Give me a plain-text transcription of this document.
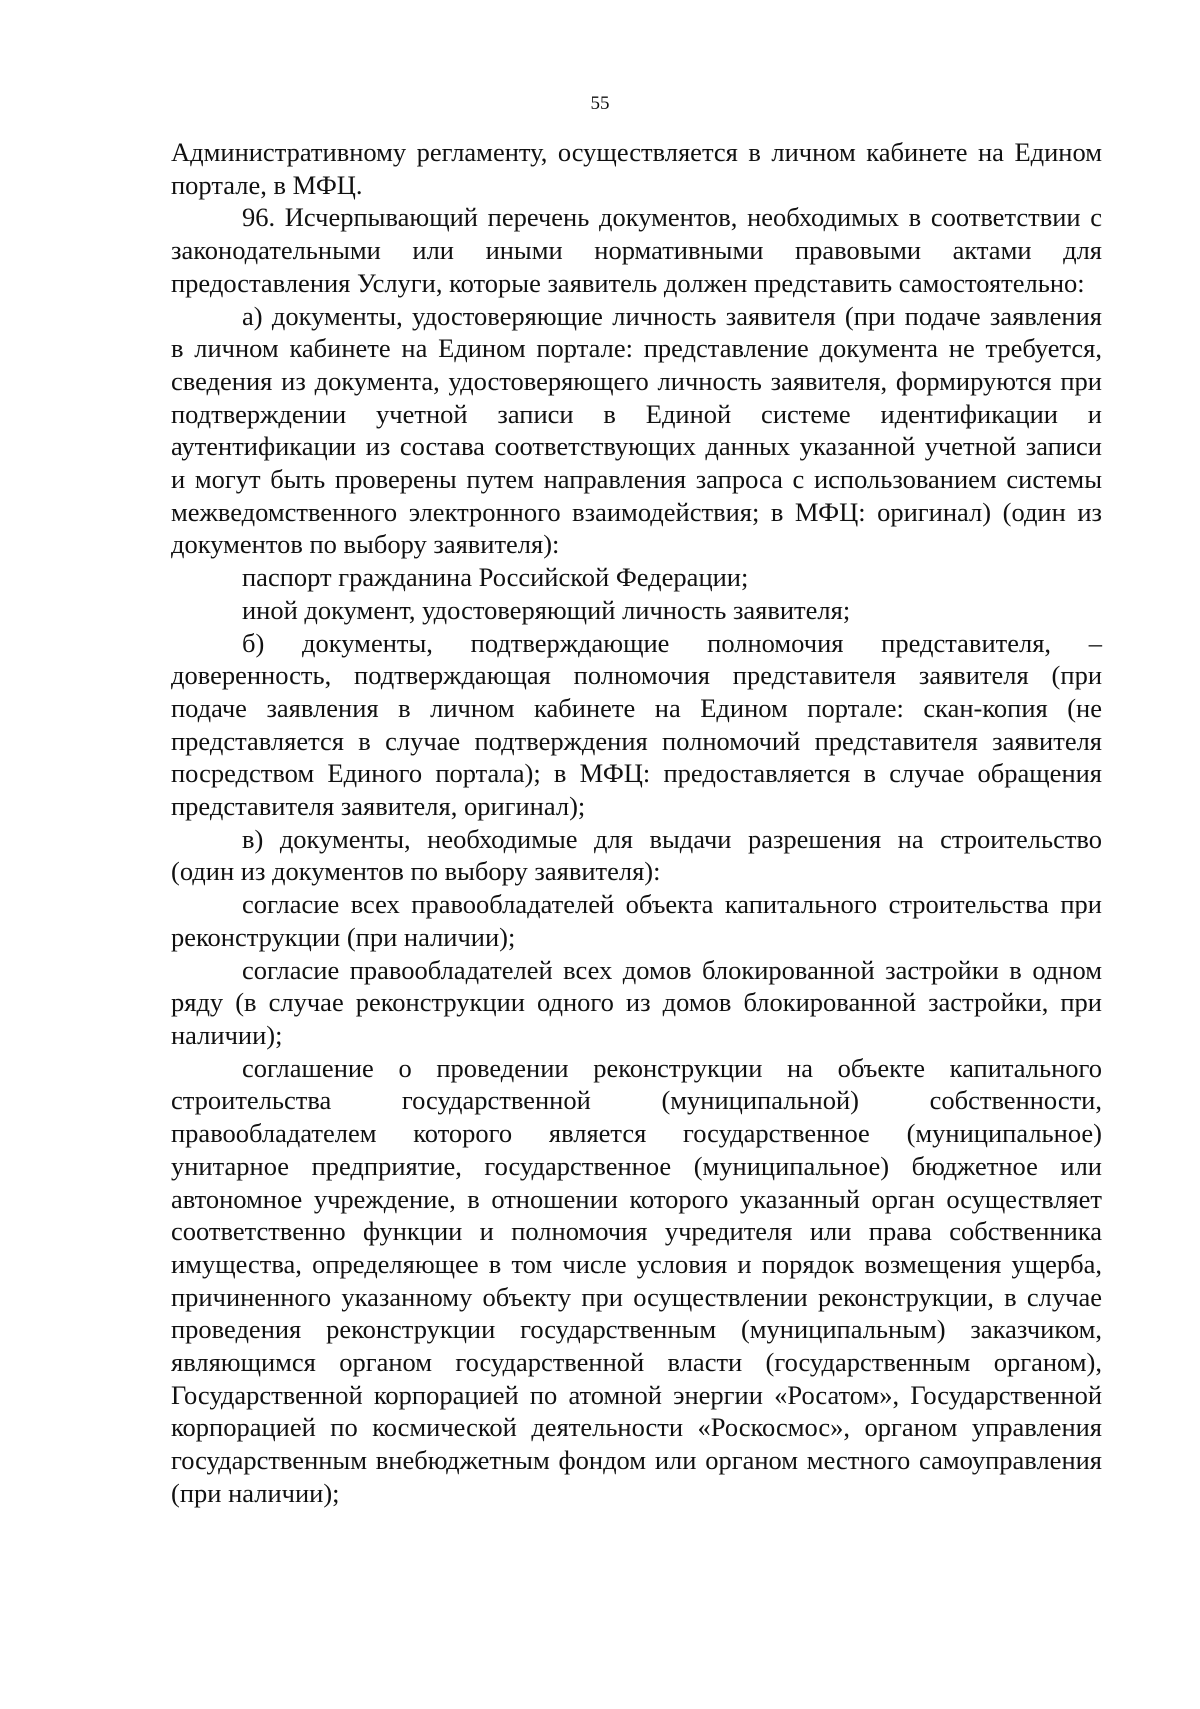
55

Административному регламенту, осуществляется в личном кабинете на Едином портале, в МФЦ.

96. Исчерпывающий перечень документов, необходимых в соответствии с законодательными или иными нормативными правовыми актами для предоставления Услуги, которые заявитель должен представить самостоятельно:

а) документы, удостоверяющие личность заявителя (при подаче заявления в личном кабинете на Едином портале: представление документа не требуется, сведения из документа, удостоверяющего личность заявителя, формируются при подтверждении учетной записи в Единой системе идентификации и аутентификации из состава соответствующих данных указанной учетной записи и могут быть проверены путем направления запроса с использованием системы межведомственного электронного взаимодействия; в МФЦ: оригинал) (один из документов по выбору заявителя):

паспорт гражданина Российской Федерации;

иной документ, удостоверяющий личность заявителя;

б) документы, подтверждающие полномочия представителя, – доверенность, подтверждающая полномочия представителя заявителя (при подаче заявления в личном кабинете на Едином портале: скан-копия (не представляется в случае подтверждения полномочий представителя заявителя посредством Единого портала); в МФЦ: предоставляется в случае обращения представителя заявителя, оригинал);

в) документы, необходимые для выдачи разрешения на строительство (один из документов по выбору заявителя):

согласие всех правообладателей объекта капитального строительства при реконструкции (при наличии);

согласие правообладателей всех домов блокированной застройки в одном ряду (в случае реконструкции одного из домов блокированной застройки, при наличии);

соглашение о проведении реконструкции на объекте капитального строительства государственной (муниципальной) собственности, правообладателем которого является государственное (муниципальное) унитарное предприятие, государственное (муниципальное) бюджетное или автономное учреждение, в отношении которого указанный орган осуществляет соответственно функции и полномочия учредителя или права собственника имущества, определяющее в том числе условия и порядок возмещения ущерба, причиненного указанному объекту при осуществлении реконструкции, в случае проведения реконструкции государственным (муниципальным) заказчиком, являющимся органом государственной власти (государственным органом), Государственной корпорацией по атомной энергии «Росатом», Государственной корпорацией по космической деятельности «Роскосмос», органом управления государственным внебюджетным фондом или органом местного самоуправления (при наличии);
